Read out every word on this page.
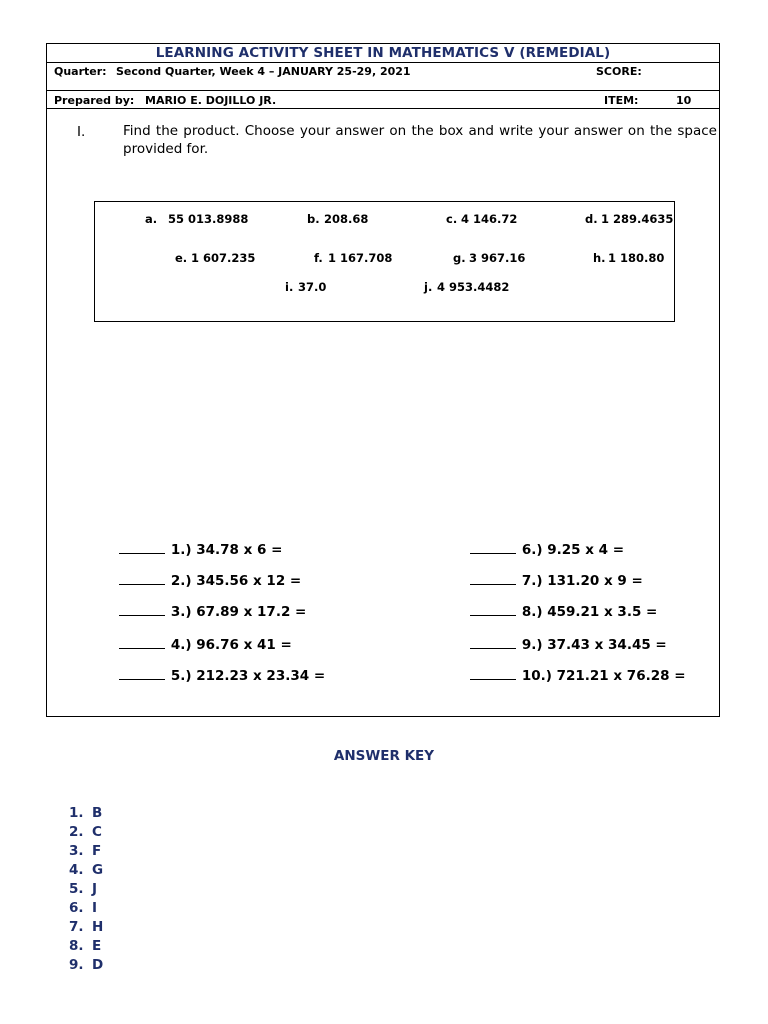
LEARNING ACTIVITY SHEET IN MATHEMATICS V (REMEDIAL)
Quarter: Second Quarter, Week 4 – JANUARY 25-29, 2021	SCORE:
Prepared by: MARIO E. DOJILLO JR.	ITEM:	10
I.	Find the product. Choose your answer on the box and write your answer on the space provided for.
a. 55 013.8988	b. 208.68	c. 4 146.72	d. 1 289.4635
e. 1 607.235	f. 1 167.708	g. 3 967.16	h. 1 180.80
i. 37.0	j. 4 953.4482

1.) 34.78 x 6 =

2.) 345.56 x 12 =

3.) 67.89 x 17.2 =

4.) 96.76 x 41 =

5.) 212.23 x 23.34 =

6.) 9.25 x 4 =

7.) 131.20 x 9 =

8.) 459.21 x 3.5 =

9.) 37.43 x 34.45 =

10.) 721.21 x 76.28 =

ANSWER KEY
1. B
2. C
3. F
4. G
5. J
6. I
7. H
8. E
9. D
